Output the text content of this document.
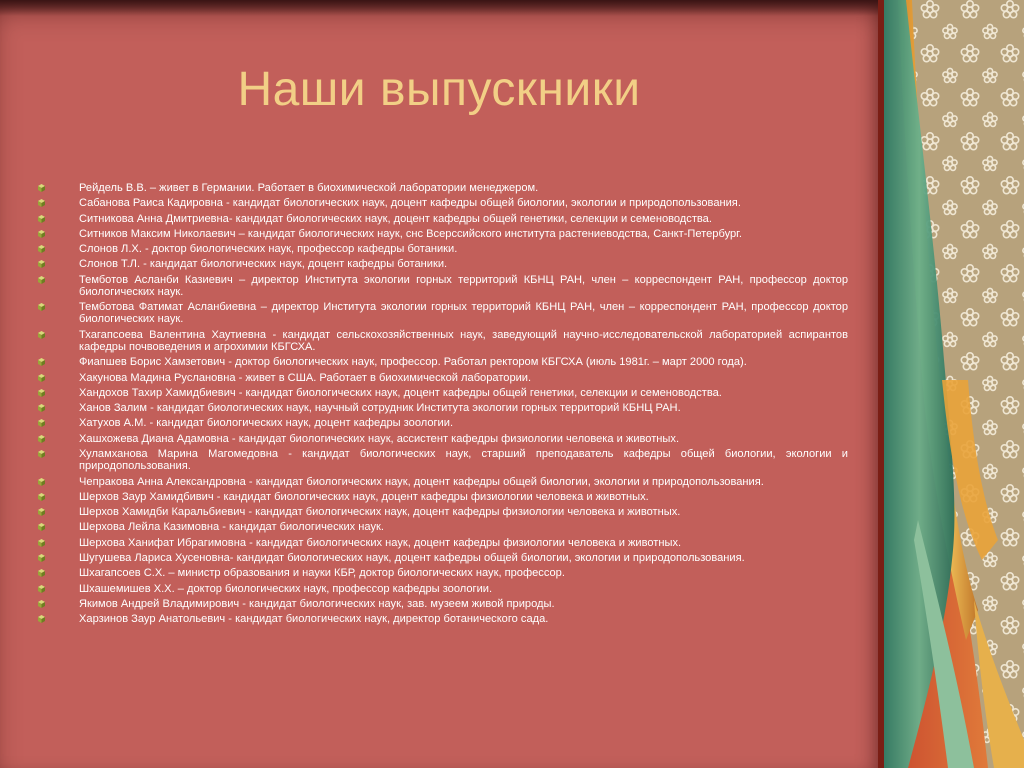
Наши выпускники
Рейдель В.В. – живет в Германии. Работает в биохимической лаборатории менеджером.
Сабанова Раиса Кадировна - кандидат биологических наук, доцент кафедры общей биологии, экологии и природопользования.
Ситникова Анна Дмитриевна- кандидат биологических наук, доцент кафедры общей генетики, селекции и семеноводства.
Ситников Максим Николаевич – кандидат биологических наук, снс Всерссийского института растениеводства, Санкт-Петербург.
Слонов Л.Х. - доктор биологических наук, профессор кафедры ботаники.
Слонов Т.Л. - кандидат биологических наук, доцент кафедры ботаники.
Темботов Асланби Казиевич – директор Института экологии горных территорий КБНЦ РАН, член – корреспондент РАН, профессор доктор биологических наук.
Темботова Фатимат Асланбиевна – директор Института экологии горных территорий КБНЦ РАН, член – корреспондент РАН, профессор доктор биологических наук.
Тхагапсоева Валентина Хаутиевна - кандидат сельскохозяйственных наук, заведующий научно-исследовательской лабораторией аспирантов кафедры почвоведения и агрохимии КБГСХА.
Фиапшев Борис Хамзетович - доктор биологических наук, профессор. Работал ректором КБГСХА (июль 1981г. – март 2000 года).
Хакунова Мадина Руслановна - живет в США. Работает в биохимической лаборатории.
Хандохов Тахир Хамидбиевич - кандидат биологических наук, доцент кафедры общей генетики, селекции и семеноводства.
Ханов Залим - кандидат биологических наук, научный сотрудник Института экологии горных территорий КБНЦ РАН.
Хатухов А.М. - кандидат биологических наук, доцент кафедры зоологии.
Хашхожева Диана Адамовна - кандидат биологических наук, ассистент кафедры физиологии человека и животных.
Хуламханова Марина Магомедовна - кандидат биологических наук, старший преподаватель кафедры общей биологии, экологии и природопользования.
Чепракова Анна Александровна - кандидат биологических наук, доцент кафедры общей биологии, экологии и природопользования.
Шерхов Заур Хамидбивич - кандидат биологических наук, доцент кафедры физиологии человека и животных.
Шерхов Хамидби Каральбиевич - кандидат биологических наук, доцент кафедры физиологии человека и животных.
Шерхова Лейла Казимовна - кандидат биологических наук.
Шерхова Ханифат Ибрагимовна - кандидат биологических наук, доцент кафедры физиологии человека и животных.
Шугушева Лариса Хусеновна- кандидат биологических наук, доцент кафедры общей биологии, экологии и природопользования.
Шхагапсоев С.Х. – министр образования и науки КБР, доктор биологических наук, профессор.
Шхашемишев Х.Х. – доктор биологических наук, профессор кафедры зоологии.
Якимов Андрей Владимирович - кандидат биологических наук, зав. музеем живой природы.
Харзинов Заур Анатольевич - кандидат биологических наук, директор ботанического сада.
